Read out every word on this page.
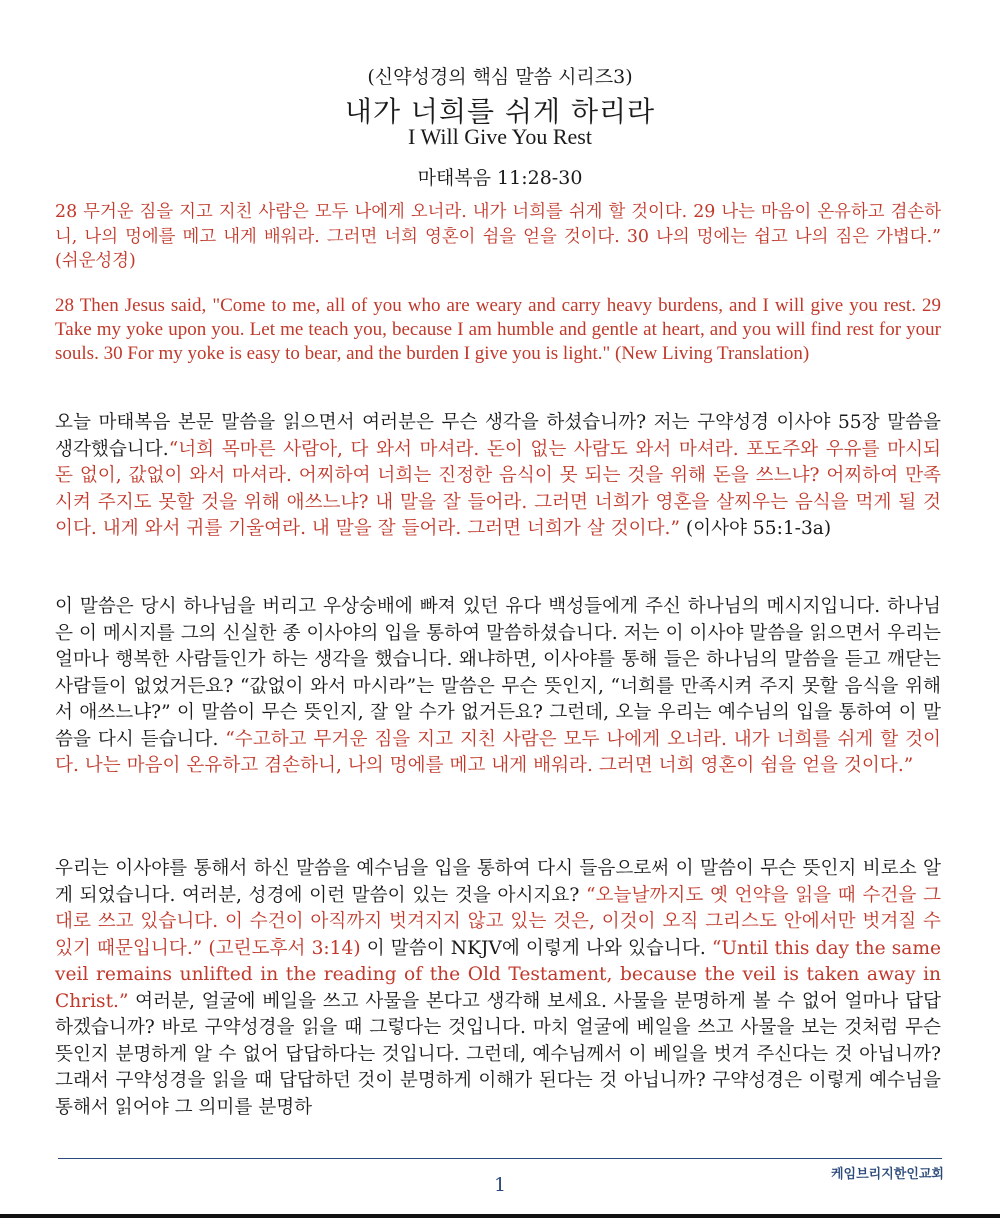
(신약성경의 핵심 말씀 시리즈3)
내가 너희를 쉬게 하리라
I Will Give You Rest
마태복음 11:28-30
28 무거운 짐을 지고 지친 사람은 모두 나에게 오너라. 내가 너희를 쉬게 할 것이다. 29 나는 마음이 온유하고 겸손하니, 나의 멍에를 메고 내게 배워라. 그러면 너희 영혼이 쉼을 얻을 것이다. 30 나의 멍에는 쉽고 나의 짐은 가볍다.” (쉬운성경)
28 Then Jesus said, "Come to me, all of you who are weary and carry heavy burdens, and I will give you rest. 29 Take my yoke upon you. Let me teach you, because I am humble and gentle at heart, and you will find rest for your souls. 30 For my yoke is easy to bear, and the burden I give you is light." (New Living Translation)
오늘 마태복음 본문 말씀을 읽으면서 여러분은 무슨 생각을 하셨습니까? 저는 구약성경 이사야 55장 말씀을 생각했습니다.“너희 목마른 사람아, 다 와서 마셔라. 돈이 없는 사람도 와서 마셔라. 포도주와 우유를 마시되 돈 없이, 값없이 와서 마셔라. 어찌하여 너희는 진정한 음식이 못 되는 것을 위해 돈을 쓰느냐? 어찌하여 만족시켜 주지도 못할 것을 위해 애쓰느냐? 내 말을 잘 들어라. 그러면 너희가 영혼을 살찌우는 음식을 먹게 될 것이다. 내게 와서 귀를 기울여라. 내 말을 잘 들어라. 그러면 너희가 살 것이다.” (이사야 55:1-3a)
이 말씀은 당시 하나님을 버리고 우상숭배에 빠져 있던 유다 백성들에게 주신 하나님의 메시지입니다. 하나님은 이 메시지를 그의 신실한 종 이사야의 입을 통하여 말씀하셨습니다. 저는 이 이사야 말씀을 읽으면서 우리는 얼마나 행복한 사람들인가 하는 생각을 했습니다. 왜냐하면, 이사야를 통해 들은 하나님의 말씀을 듣고 깨닫는 사람들이 없었거든요? “값없이 와서 마시라”는 말씀은 무슨 뜻인지, “너희를 만족시켜 주지 못할 음식을 위해서 애쓰느냐?” 이 말씀이 무슨 뜻인지, 잘 알 수가 없거든요? 그런데, 오늘 우리는 예수님의 입을 통하여 이 말씀을 다시 듣습니다. “수고하고 무거운 짐을 지고 지친 사람은 모두 나에게 오너라. 내가 너희를 쉬게 할 것이다. 나는 마음이 온유하고 겸손하니, 나의 멍에를 메고 내게 배워라. 그러면 너희 영혼이 쉼을 얻을 것이다.”
우리는 이사야를 통해서 하신 말씀을 예수님을 입을 통하여 다시 들음으로써 이 말씀이 무슨 뜻인지 비로소 알게 되었습니다. 여러분, 성경에 이런 말씀이 있는 것을 아시지요? “오늘날까지도 옛 언약을 읽을 때 수건을 그대로 쓰고 있습니다. 이 수건이 아직까지 벗겨지지 않고 있는 것은, 이것이 오직 그리스도 안에서만 벗겨질 수 있기 때문입니다.” (고린도후서 3:14) 이 말씀이 NKJV에 이렇게 나와 있습니다. “Until this day the same veil remains unlifted in the reading of the Old Testament, because the veil is taken away in Christ.” 여러분, 얼굴에 베일을 쓰고 사물을 본다고 생각해 보세요. 사물을 분명하게 볼 수 없어 얼마나 답답하겠습니까? 바로 구약성경을 읽을 때 그렇다는 것입니다. 마치 얼굴에 베일을 쓰고 사물을 보는 것처럼 무슨 뜻인지 분명하게 알 수 없어 답답하다는 것입니다. 그런데, 예수님께서 이 베일을 벗겨 주신다는 것 아닙니까? 그래서 구약성경을 읽을 때 답답하던 것이 분명하게 이해가 된다는 것 아닙니까? 구약성경은 이렇게 예수님을 통해서 읽어야 그 의미를 분명하
1	케임브리지한인교회
